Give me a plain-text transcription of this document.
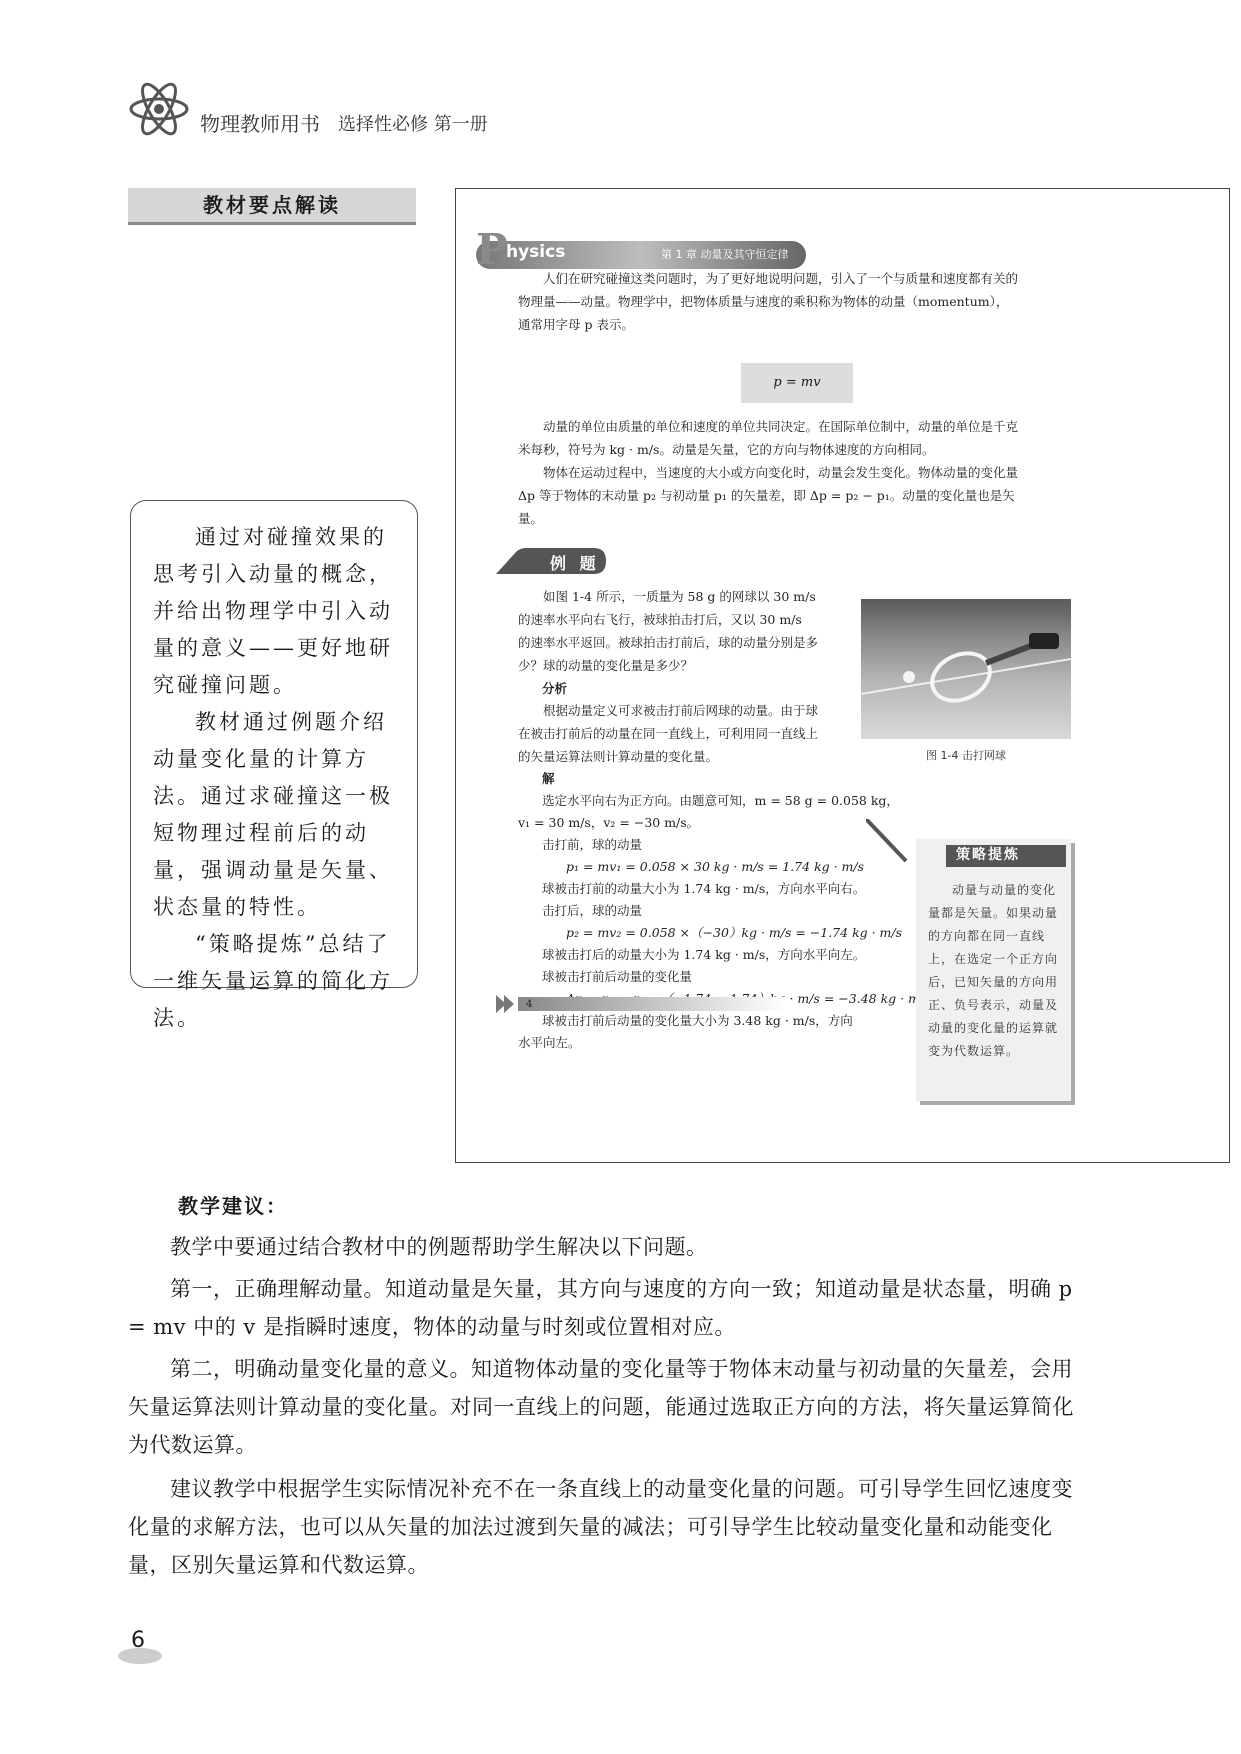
物理教师用书 选择性必修 第一册
教材要点解读

通过对碰撞效果的思考引入动量的概念，并给出物理学中引入动量的意义——更好地研究碰撞问题。

教材通过例题介绍动量变化量的计算方法。通过求碰撞这一极短物理过程前后的动量，强调动量是矢量、状态量的特性。

“策略提炼”总结了一维矢量运算的简化方法。

P
hysics	第 1 章 动量及其守恒定律
人们在研究碰撞这类问题时，为了更好地说明问题，引入了一个与质量和速度都有关的物理量——动量。物理学中，把物体质量与速度的乘积称为物体的动量（momentum），通常用字母 p 表示。
p = mv
动量的单位由质量的单位和速度的单位共同决定。在国际单位制中，动量的单位是千克米每秒，符号为 kg · m/s。动量是矢量，它的方向与物体速度的方向相同。
物体在运动过程中，当速度的大小或方向变化时，动量会发生变化。物体动量的变化量 Δp 等于物体的末动量 p₂ 与初动量 p₁ 的矢量差，即 Δp = p₂ − p₁。动量的变化量也是矢量。
例 题
如图 1-4 所示，一质量为 58 g 的网球以 30 m/s 的速率水平向右飞行，被球拍击打后，又以 30 m/s 的速率水平返回。被球拍击打前后，球的动量分别是多少？球的动量的变化量是多少？
分析
根据动量定义可求被击打前后网球的动量。由于球在被击打前后的动量在同一直线上，可利用同一直线上的矢量运算法则计算动量的变化量。
解
选定水平向右为正方向。由题意可知，m = 58 g = 0.058 kg，
v₁ = 30 m/s，v₂ = −30 m/s。
击打前，球的动量
p₁ = mv₁ = 0.058 × 30 kg · m/s = 1.74 kg · m/s
球被击打前的动量大小为 1.74 kg · m/s，方向水平向右。
击打后，球的动量
p₂ = mv₂ = 0.058 ×（−30）kg · m/s = −1.74 kg · m/s
球被击打后的动量大小为 1.74 kg · m/s，方向水平向左。
球被击打前后动量的变化量
· m/s = −3.48 kg ·
球被击打前后动量的变化量大小为 3.48 kg · m/s，方向
水平向左。
图 1-4 击打网球
策略提炼
动量与动量的变化量都是矢量。如果动量的方向都在同一直线上，在选定一个正方向后，已知矢量的方向用正、负号表示，动量及动量的变化量的运算就变为代数运算。
4
教学建议：

教学中要通过结合教材中的例题帮助学生解决以下问题。

第一，正确理解动量。知道动量是矢量，其方向与速度的方向一致；知道动量是状态量，明确 p = mv 中的 v 是指瞬时速度，物体的动量与时刻或位置相对应。

第二，明确动量变化量的意义。知道物体动量的变化量等于物体末动量与初动量的矢量差，会用矢量运算法则计算动量的变化量。对同一直线上的问题，能通过选取正方向的方法，将矢量运算简化为代数运算。

建议教学中根据学生实际情况补充不在一条直线上的动量变化量的问题。可引导学生回忆速度变化量的求解方法，也可以从矢量的加法过渡到矢量的减法；可引导学生比较动量变化量和动能变化量，区别矢量运算和代数运算。

6
